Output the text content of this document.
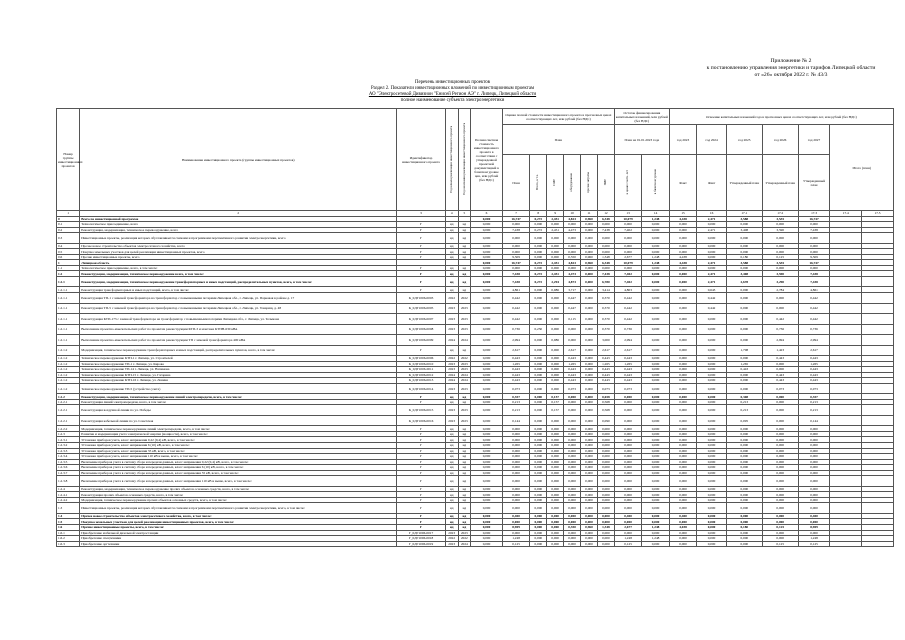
Приложение № 2
к постановлению управления энергетики и тарифов Липецкой области
от «26» октября 2022 г. № 43/3
Перечень инвестиционных проектов
Раздел 2. Показатели инвестиционных вложений по инвестиционным проектам
АО "Электросетевой Дивизион "Енисей Регион АЭ" г. Липецк, Липецкой области
полное наименование субъекта электроэнергетики
Номер группы инвестиционных проектов	Наименование инвестиционного проекта (группы инвестиционных проектов)	Идентификатор инвестиционного проекта	Год начала реализации инвестиционного проекта	Год окончания реализации инвестиционного проекта	Полная сметная стоимость инвестиционного проекта в соответствии с утвержденной проектной документацией в базисном уровне цен, млн рублей (без НДС)	Оценка полной стоимости инвестиционного проекта в прогнозных ценах соответствующих лет, млн рублей (без НДС)						Остаток финансирования капитальных вложений, млн рублей (без НДС)		Освоение капитальных вложений года в прогнозных ценах соответствующих лет, млн рублей (без НДС)						
						План						План на 01.01.2023 года		год 2023	год 2024	год 2025	год 2026	год 2027	Итого (план)	
						План	Всего, в т.ч.	СМР	оборудование	прочие затраты	ПИР	в ценах соотв. лет	в базисном уровне	Факт	Факт	Утвержденный план	Утвержденный план	Утвержденный план		
1	2	3	4	5	6	7	8	9	10	11	12	13	14	15	16	17.1	17.2	17.3	17.4	17.5
0	Всего по инвестиционной программе				0,000	16,747	0,272	2,451	4,823	0,960	6,348	10,079	1,248	4,438	2,471	3,588	3,535	16,747		
0.1	Технологическое присоединение, всего	Г	нд	нд	0,000	0,000	0,000	0,000	0,000	0,000	0,000	0,000	0,000	0,000	0,000	0,000	0,000	0,000		
0.2	Реконструкция, модернизация, техническое перевооружение, всего	Г	нд	нд	0,000	7,438	0,272	2,451	4,473	0,000	7,438	7,402	0,000	0,000	2,471	3,408	3,590	7,438		
0.3	Инвестиционные проекты, реализация которых обуславливается схемами и программами перспективного развития электроэнергетики, всего	Г	нд	нд	0,000	0,000	0,000	0,000	0,000	0,000	0,000	0,000	0,000	0,000	0,000	0,000	0,000	0,000		
0.4	Прочее новое строительство объектов электросетевого хозяйства, всего	Г	нд	нд	0,000	0,000	0,000	0,000	0,000	0,000	0,000	0,000	0,000	0,000	0,000	0,000	0,000	0,000		
0.5	Покупка земельных участков для целей реализации инвестиционных проектов, всего	Г	нд	нд	0,000	0,000	0,000	0,000	0,000	0,000	0,000	0,000	0,000	0,000	0,000	0,000	0,000	0,000		
0.6	Прочие инвестиционные проекты, всего	Г	нд	нд	0,000	9,309	0,000	0,000	0,350	0,960	1,348	2,677	1,248	4,438	0,000	0,180	0,125	9,309		
1	Липецкая область				0,000	16,747	0,272	2,451	4,823	0,960	6,348	10,079	1,248	4,438	2,471	3,588	3,535	16,747		
1.1	Технологическое присоединение, всего, в том числе:	Г	нд	нд	0,000	0,000	0,000	0,000	0,000	0,000	0,000	0,000	0,000	0,000	0,000	0,000	0,000	0,000		
1.2	Реконструкция, модернизация, техническое перевооружение всего, в том числе:	Г	нд	нд	0,000	7,438	0,272	2,451	4,473	0,000	7,438	7,402	0,000	0,000	2,471	3,408	3,590	7,438		
1.2.1	Реконструкция, модернизация, техническое перевооружение трансформаторных и иных подстанций, распределительных пунктов, всего, в том числе:	Г	нд	нд	0,000	7,438	0,272	2,294	4,873	0,000	6,780	7,402	0,000	0,000	2,471	2,678	3,290	7,438		
1.2.1.1	Реконструкция трансформаторных и иных подстанций, всего, в том числе:	Г	нд	нд	0,000	4,861	0,000	0,986	3,717	0,000	3,414	4,803	0,000	0,000	0,643	0,000	2,784	4,861		
1.2.1.1	Реконструкция ТП-1 с заменой трансформатора на трансформатор с повышенными потерями Липецкая обл., г. Липецк, ул. Парковая в районе д. 17	К_0ДГ1006-0003	2022	2022	0,000	0,442	0,000	0,000	0,447	0,000	0,370	0,442	0,000	0,000	0,442	0,000	0,000	0,442		
1.2.1.1	Реконструкция ТП-5 с заменой трансформатора на трансформатор с повышенными потерями Липецкая обл., г. Липецк, ул. Товарищ, д. 48	К_0ДГ1006-0005	2023	2023	0,000	0,442	0,000	0,000	0,447	0,000	0,370	0,442	0,000	0,000	0,442	0,000	0,000	0,442		
1.2.1.1	Реконструкция КТП-173 с заменой трансформатора на трансформатор с повышенными потерями Липецкая обл., г. Липецк, ул. Тельмана	К_0ДГ1006-0007	2023	2023	0,000	0,442	0,000	0,000	0,115	0,000	0,370	0,442	0,000	0,000	0,000	0,000	0,442	0,442		
1.2.1.1	Выполнение проектно-изыскательских работ по проектам реконструкции КТП-3 и монтажа КТПН-630 кВА	К_0ДГ1006-0008	2023	2023	0,000	0,736	0,230	0,000	0,000	0,000	0,370	0,736	0,000	0,000	0,000	0,000	0,736	0,736		
1.2.1.1	Выполнение проектно-изыскательских работ по проектам реконструкции ТП с заменой трансформатора 400 кВА	К_0ДГ1006-0009	2024	2024	0,000	2,994	0,000	0,986	0,000	0,000	3,000	2,994	0,000	0,000	0,000	0,000	2,994	2,994		
1.2.1.2	Модернизация, техническое перевооружение трансформаторных и иных подстанций, распределительных пунктов, всего, в том числе:	Г	нд	нд	0,000	2,617	0,000	0,000	2,617	0,000	2,617	2,617	0,000	0,000	0,000	1,708	1,423	2,617		
1.2.1.2	Техническое перевооружение КТП-1 г. Липецк, ул. Строителей	К_0ДГ1006-0006	2022	2022	0,000	0,443	0,000	0,000	0,443	0,000	0,443	0,443	0,000	0,000	0,000	0,000	0,443	0,443		
1.2.1.2	Техническое перевооружение ТП-1 г. Липецк, ул. Кирова	К_0ДГ1006-0010	2023	2023	0,000	1,265	0,000	0,000	1,265	0,000	1,265	1,265	0,000	0,000	0,000	1,265	0,000	1,265		
1.2.1.2	Техническое перевооружение ТП-14 г. Липецк, ул. Нахимова	К_0ДГ1006-0011	2023	2023	0,000	0,443	0,000	0,000	0,443	0,000	0,443	0,443	0,000	0,000	0,000	0,443	0,000	0,443		
1.2.1.2	Техническое перевооружение КТП-15 г. Липецк, ул. Гагарина	К_0ДГ1006-0012	2024	2024	0,000	0,443	0,000	0,000	0,443	0,000	0,443	0,443	0,000	0,000	0,000	0,000	0,443	0,443		
1.2.1.2	Техническое перевооружение КТП-16 г. Липецк, ул. Ленина	К_0ДГ1006-0013	2024	2024	0,000	0,443	0,000	0,000	0,443	0,000	0,443	0,443	0,000	0,000	0,000	0,000	0,443	0,443		
1.2.1.2	Техническое перевооружение ТП-5 (устройство учета)	К_0ДГ1006-0014	2023	2023	0,000	0,073	0,000	0,000	0,073	0,000	0,073	0,073	0,000	0,000	0,000	0,000	0,073	0,073		
1.2.2	Реконструкция, модернизация, техническое перевооружение линий электропередачи, всего, в том числе:	Г	нд	нд	0,000	0,357	0,000	0,157	0,000	0,000	0,658	0,000	0,000	0,000	0,000	0,308	0,000	0,357		
1.2.2.1	Реконструкция линий электропередачи, всего, в том числе:	Г	нд	нд	0,000	0,213	0,000	0,157	0,000	0,000	0,568	0,000	0,000	0,000	0,000	0,213	0,000	0,213		
1.2.2.1	Реконструкция воздушной линии по ул. Победы	К_0ДГ1006-0015	2023	2023	0,000	0,213	0,000	0,157	0,000	0,000	0,568	0,000	0,000	0,000	0,000	0,213	0,000	0,213		
1.2.2.1	Реконструкция кабельной линии по ул. Советская	К_0ДГ1006-0016	2023	2023	0,000	0,144	0,000	0,000	0,000	0,000	0,090	0,000	0,000	0,000	0,000	0,095	0,000	0,144		
1.2.2.2	Модернизация, техническое перевооружение линий электропередачи, всего, в том числе:	Г	нд	нд	0,000	0,000	0,000	0,000	0,000	0,000	0,000	0,000	0,000	0,000	0,000	0,000	0,000	0,000		
1.2.3	Развитие и модернизация учета электрической энергии (мощности), всего, в том числе:	Г	нд	нд	0,000	0,000	0,000	0,000	0,000	0,000	0,000	0,000	0,000	0,000	0,000	0,000	0,000	0,000		
1.2.3.1	Установка приборов учета, класс напряжения 0,22 (0,4) кВ, всего, в том числе:	Г	нд	нд	0,000	0,000	0,000	0,000	0,000	0,000	0,000	0,000	0,000	0,000	0,000	0,000	0,000	0,000		
1.2.3.2	Установка приборов учета, класс напряжения 6 (10) кВ, всего, в том числе:	Г	нд	нд	0,000	0,000	0,000	0,000	0,000	0,000	0,000	0,000	0,000	0,000	0,000	0,000	0,000	0,000		
1.2.3.3	Установка приборов учета, класс напряжения 35 кВ, всего, в том числе:	Г	нд	нд	0,000	0,000	0,000	0,000	0,000	0,000	0,000	0,000	0,000	0,000	0,000	0,000	0,000	0,000		
1.2.3.4	Установка приборов учета, класс напряжения 110 кВ и выше, всего, в том числе:	Г	нд	нд	0,000	0,000	0,000	0,000	0,000	0,000	0,000	0,000	0,000	0,000	0,000	0,000	0,000	0,000		
1.2.3.5	Включение приборов учета в систему сбора и передачи данных, класс напряжения 0,22 (0,4) кВ, всего, в том числе:	Г	нд	нд	0,000	0,000	0,000	0,000	0,000	0,000	0,000	0,000	0,000	0,000	0,000	0,000	0,000	0,000		
1.2.3.6	Включение приборов учета в систему сбора и передачи данных, класс напряжения 6 (10) кВ, всего, в том числе:	Г	нд	нд	0,000	0,000	0,000	0,000	0,000	0,000	0,000	0,000	0,000	0,000	0,000	0,000	0,000	0,000		
1.2.3.7	Включение приборов учета в систему сбора и передачи данных, класс напряжения 35 кВ, всего, в том числе:	Г	нд	нд	0,000	0,000	0,000	0,000	0,000	0,000	0,000	0,000	0,000	0,000	0,000	0,000	0,000	0,000		
1.2.3.8	Включение приборов учета в систему сбора и передачи данных, класс напряжения 110 кВ и выше, всего, в том числе:	Г	нд	нд	0,000	0,000	0,000	0,000	0,000	0,000	0,000	0,000	0,000	0,000	0,000	0,000	0,000	0,000		
1.2.4	Реконструкция, модернизация, техническое перевооружение прочих объектов основных средств, всего, в том числе:	Г	нд	нд	0,000	0,000	0,000	0,000	0,000	0,000	0,000	0,000	0,000	0,000	0,000	0,000	0,000	0,000		
1.2.4.1	Реконструкция прочих объектов основных средств, всего, в том числе:	Г	нд	нд	0,000	0,000	0,000	0,000	0,000	0,000	0,000	0,000	0,000	0,000	0,000	0,000	0,000	0,000		
1.2.4.2	Модернизация, техническое перевооружение прочих объектов основных средств, всего, в том числе:	Г	нд	нд	0,000	0,000	0,000	0,000	0,000	0,000	0,000	0,000	0,000	0,000	0,000	0,000	0,000	0,000		
1.3	Инвестиционные проекты, реализация которых обуславливается схемами и программами перспективного развития электроэнергетики, всего, в том числе:	Г	нд	нд	0,000	0,000	0,000	0,000	0,000	0,000	0,000	0,000	0,000	0,000	0,000	0,000	0,000	0,000		
1.4	Прочее новое строительство объектов электросетевого хозяйства, всего, в том числе:	Г	нд	нд	0,000	0,400	0,000	0,000	0,000	0,000	0,000	0,400	0,000	0,400	0,000	0,000	0,000	0,400		
1.5	Покупка земельных участков для целей реализации инвестиционных проектов, всего, в том числе:	Г	нд	нд	0,000	0,000	0,000	0,000	0,000	0,000	0,000	0,000	0,000	0,000	0,000	0,000	0,000	0,000		
1.6	Прочие инвестиционные проекты, всего, в том числе:	Г	нд	нд	0,000	8,909	0,000	0,000	0,350	0,960	1,348	2,677	1,248	4,038	0,000	0,180	0,125	8,909		
1.6.1	Приобретение мобильной дизельной электростанции	Г_0ДГ1006-0017	2023	2023	0,000	0,000	0,000	0,000	0,000	0,000	0,000	0,000	0,000	0,000	0,000	0,000	0,000	0,000		
1.6.2	Приобретение спецтехники	Г_0ДГ1006-0018	2022	2022	0,000	1,248	0,000	0,000	0,000	0,000	0,000	1,248	1,248	0,000	0,000	0,000	0,000	1,248		
1.6.3	Приобретение оргтехники	Г_0ДГ1006-0019	2023	2024	0,000	0,125	0,000	0,000	0,000	0,000	0,000	0,125	0,000	0,000	0,000	0,000	0,125	0,125		
